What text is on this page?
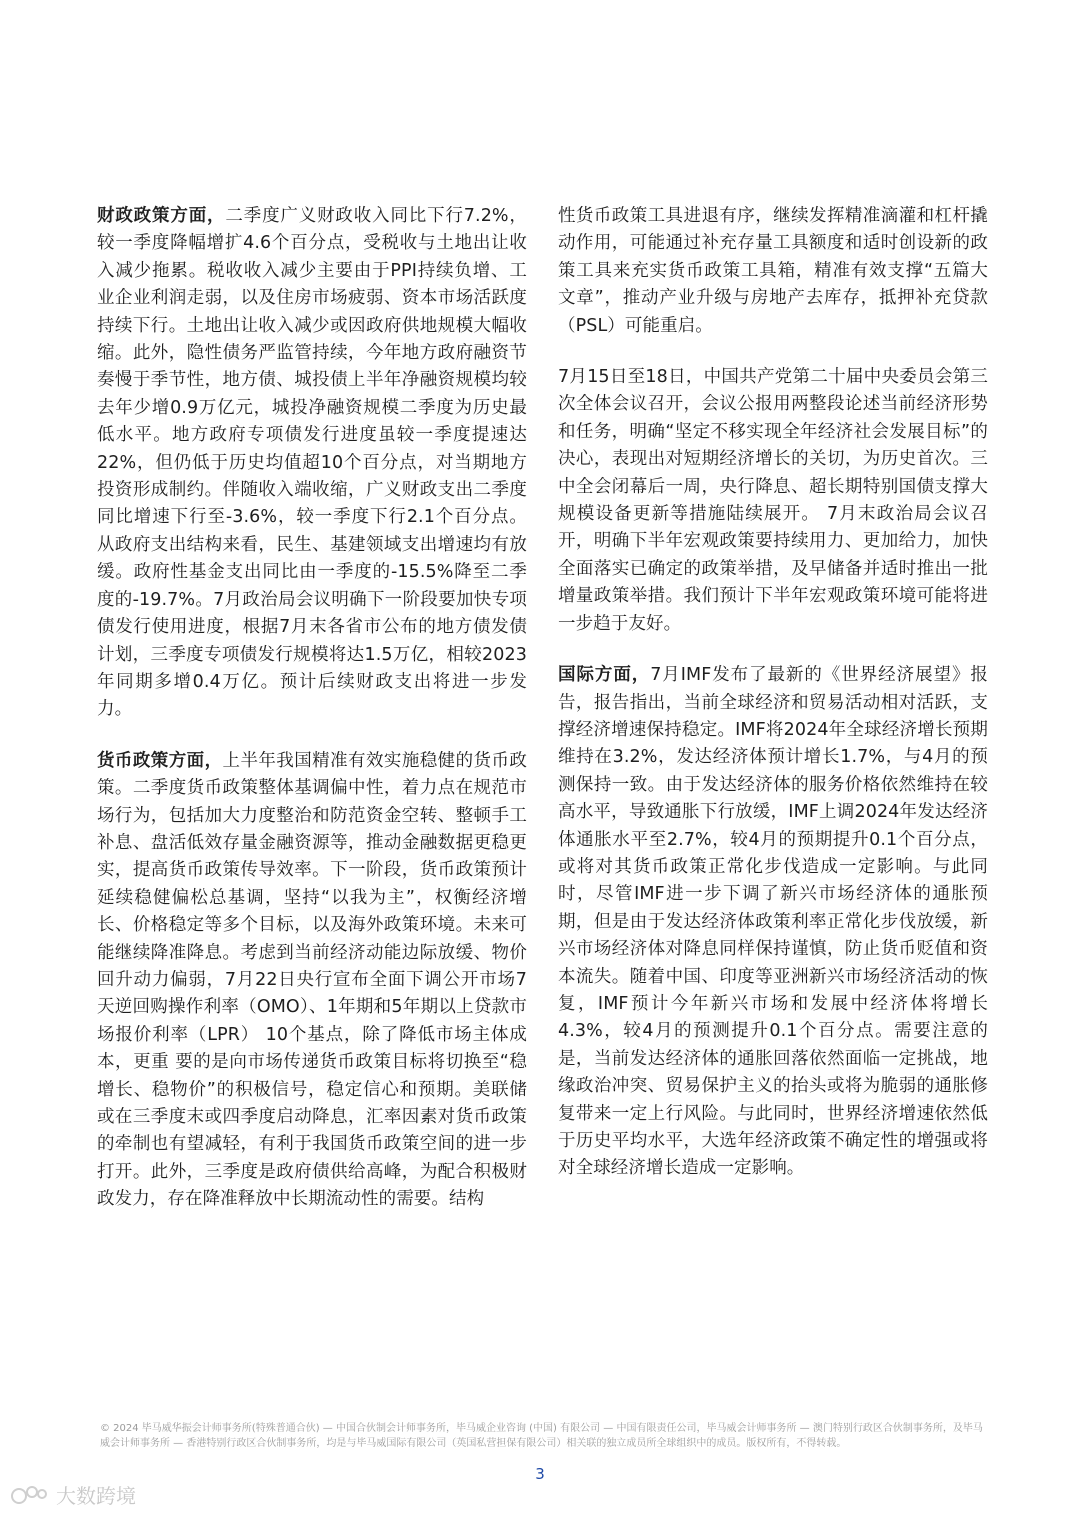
财政政策方面，二季度广义财政收入同比下行7.2%，较一季度降幅增扩4.6个百分点，受税收与土地出让收入减少拖累。税收收入减少主要由于PPI持续负增、工业企业利润走弱，以及住房市场疲弱、资本市场活跃度持续下行。土地出让收入减少或因政府供地规模大幅收缩。此外，隐性债务严监管持续，今年地方政府融资节奏慢于季节性，地方债、城投债上半年净融资规模均较去年少增0.9万亿元，城投净融资规模二季度为历史最低水平。地方政府专项债发行进度虽较一季度提速达22%，但仍低于历史均值超10个百分点，对当期地方投资形成制约。伴随收入端收缩，广义财政支出二季度同比增速下行至-3.6%，较一季度下行2.1个百分点。从政府支出结构来看，民生、基建领域支出增速均有放缓。政府性基金支出同比由一季度的-15.5%降至二季度的-19.7%。7月政治局会议明确下一阶段要加快专项债发行使用进度，根据7月末各省市公布的地方债发债计划，三季度专项债发行规模将达1.5万亿，相较2023年同期多增0.4万亿。预计后续财政支出将进一步发力。

货币政策方面，上半年我国精准有效实施稳健的货币政策。二季度货币政策整体基调偏中性，着力点在规范市场行为，包括加大力度整治和防范资金空转、整顿手工补息、盘活低效存量金融资源等，推动金融数据更稳更实，提高货币政策传导效率。下一阶段，货币政策预计延续稳健偏松总基调，坚持“以我为主”，权衡经济增长、价格稳定等多个目标，以及海外政策环境。未来可能继续降准降息。考虑到当前经济动能边际放缓、物价回升动力偏弱，7月22日央行宣布全面下调公开市场7天逆回购操作利率（OMO）、1年期和5年期以上贷款市场报价利率（LPR） 10个基点，除了降低市场主体成本，更重 要的是向市场传递货币政策目标将切换至“稳增长、稳物价”的积极信号，稳定信心和预期。美联储或在三季度末或四季度启动降息，汇率因素对货币政策的牵制也有望减轻，有利于我国货币政策空间的进一步打开。此外，三季度是政府债供给高峰，为配合积极财政发力，存在降准释放中长期流动性的需要。结构

性货币政策工具进退有序，继续发挥精准滴灌和杠杆撬动作用，可能通过补充存量工具额度和适时创设新的政策工具来充实货币政策工具箱，精准有效支撑“五篇大文章”，推动产业升级与房地产去库存，抵押补充贷款（PSL）可能重启。

7月15日至18日，中国共产党第二十届中央委员会第三次全体会议召开，会议公报用两整段论述当前经济形势和任务，明确“坚定不移实现全年经济社会发展目标”的决心，表现出对短期经济增长的关切，为历史首次。三中全会闭幕后一周，央行降息、超长期特别国债支撑大规模设备更新等措施陆续展开。 7月末政治局会议召开，明确下半年宏观政策要持续用力、更加给力，加快全面落实已确定的政策举措，及早储备并适时推出一批增量政策举措。我们预计下半年宏观政策环境可能将进一步趋于友好。

国际方面，7月IMF发布了最新的《世界经济展望》报告，报告指出，当前全球经济和贸易活动相对活跃，支撑经济增速保持稳定。IMF将2024年全球经济增长预期维持在3.2%，发达经济体预计增长1.7%，与4月的预测保持一致。由于发达经济体的服务价格依然维持在较高水平，导致通胀下行放缓，IMF上调2024年发达经济体通胀水平至2.7%，较4月的预期提升0.1个百分点，或将对其货币政策正常化步伐造成一定影响。与此同时，尽管IMF进一步下调了新兴市场经济体的通胀预期，但是由于发达经济体政策利率正常化步伐放缓，新兴市场经济体对降息同样保持谨慎，防止货币贬值和资本流失。随着中国、印度等亚洲新兴市场经济活动的恢复，IMF预计今年新兴市场和发展中经济体将增长4.3%，较4月的预测提升0.1个百分点。需要注意的是，当前发达经济体的通胀回落依然面临一定挑战，地缘政治冲突、贸易保护主义的抬头或将为脆弱的通胀修复带来一定上行风险。与此同时，世界经济增速依然低于历史平均水平，大选年经济政策不确定性的增强或将对全球经济增长造成一定影响。

© 2024 毕马威华振会计师事务所(特殊普通合伙) — 中国合伙制会计师事务所，毕马威企业咨询 (中国) 有限公司 — 中国有限责任公司，毕马威会计师事务所 — 澳门特别行政区合伙制事务所，及毕马威会计师事务所 — 香港特别行政区合伙制事务所，均是与毕马威国际有限公司（英国私营担保有限公司）相关联的独立成员所全球组织中的成员。版权所有，不得转载。
3
大数跨境
